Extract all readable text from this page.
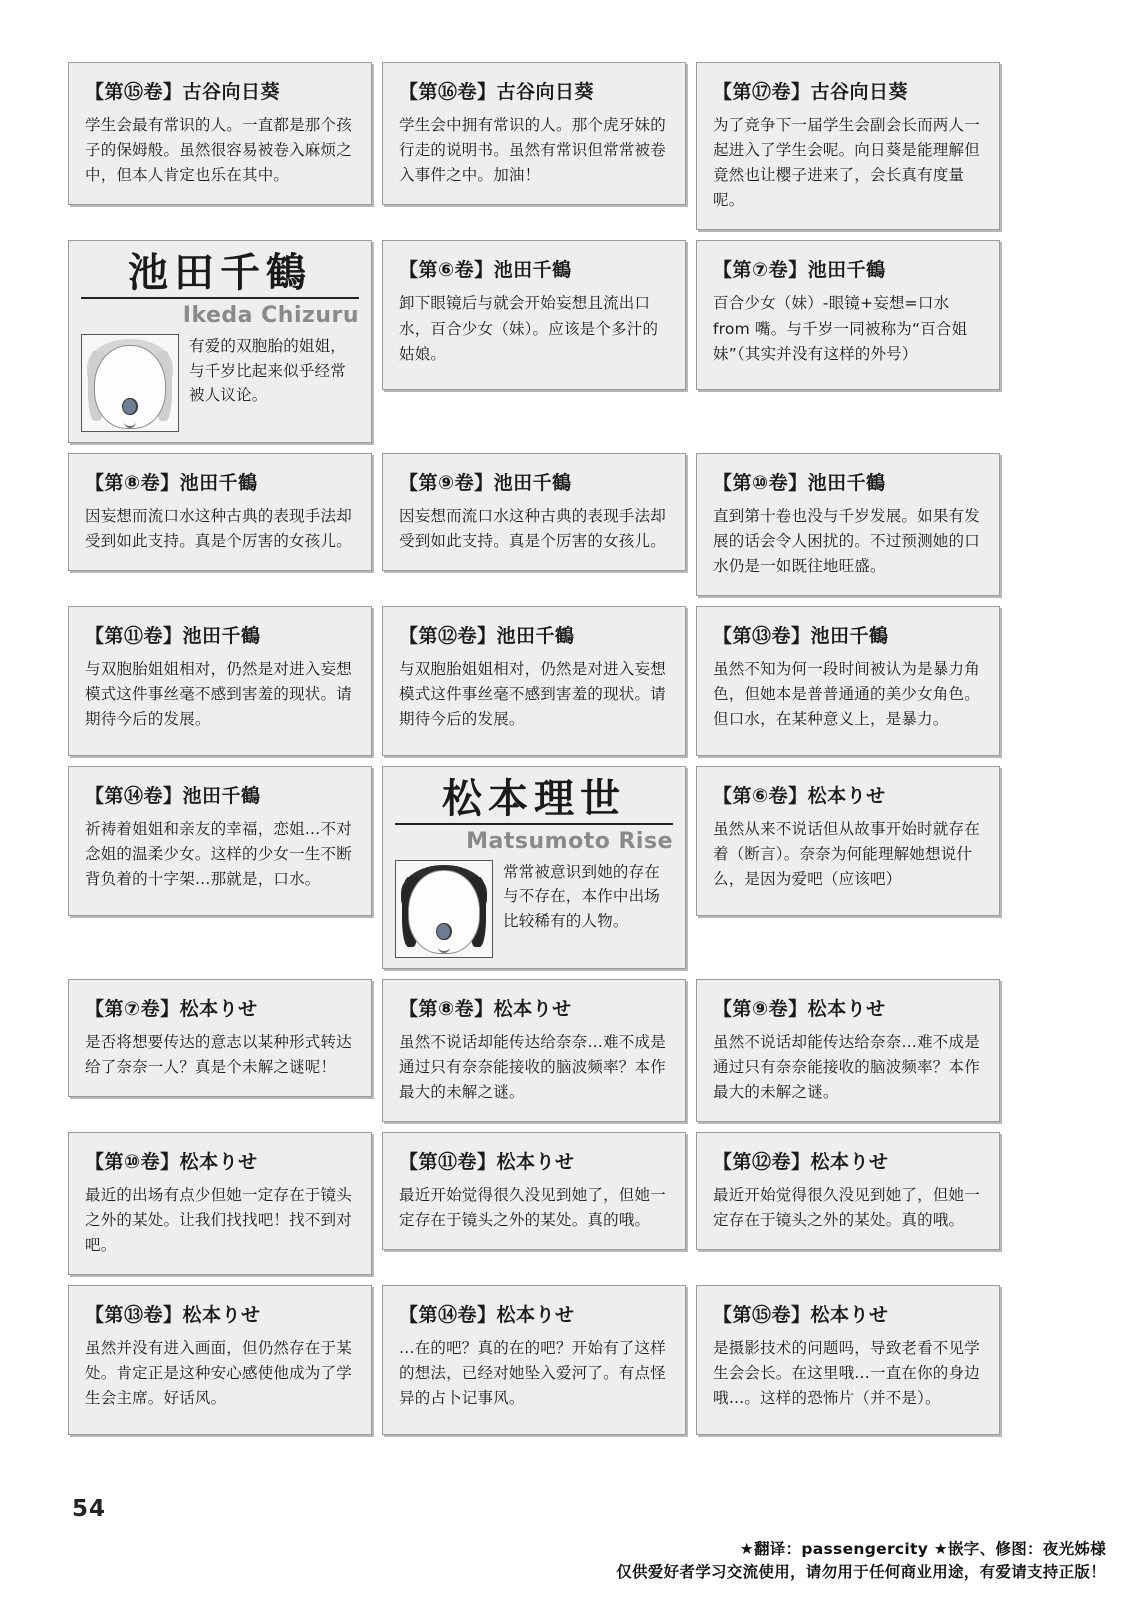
【第⑮卷】古谷向日葵
学生会最有常识的人。一直都是那个孩子的保姆般。虽然很容易被卷入麻烦之中，但本人肯定也乐在其中。
【第⑯卷】古谷向日葵
学生会中拥有常识的人。那个虎牙妹的行走的说明书。虽然有常识但常常被卷入事件之中。加油！
【第⑰卷】古谷向日葵
为了竞争下一届学生会副会长而两人一起进入了学生会呢。向日葵是能理解但竟然也让樱子进来了，会长真有度量呢。
池田千鶴
Ikeda Chizuru
有爱的双胞胎的姐姐，与千岁比起来似乎经常被人议论。
【第⑥卷】池田千鶴
卸下眼镜后与就会开始妄想且流出口水，百合少女（妹）。应该是个多汁的姑娘。
【第⑦卷】池田千鶴
百合少女（妹）-眼镜+妄想=口水 from 嘴。与千岁一同被称为“百合姐妹”（其实并没有这样的外号）
【第⑧卷】池田千鶴
因妄想而流口水这种古典的表现手法却受到如此支持。真是个厉害的女孩儿。
【第⑨卷】池田千鶴
因妄想而流口水这种古典的表现手法却受到如此支持。真是个厉害的女孩儿。
【第⑩卷】池田千鶴
直到第十卷也没与千岁发展。如果有发展的话会令人困扰的。不过预测她的口水仍是一如既往地旺盛。
【第⑪卷】池田千鶴
与双胞胎姐姐相对，仍然是对进入妄想模式这件事丝毫不感到害羞的现状。请期待今后的发展。
【第⑫卷】池田千鶴
与双胞胎姐姐相对，仍然是对进入妄想模式这件事丝毫不感到害羞的现状。请期待今后的发展。
【第⑬卷】池田千鶴
虽然不知为何一段时间被认为是暴力角色，但她本是普普通通的美少女角色。但口水，在某种意义上，是暴力。
【第⑭卷】池田千鶴
祈祷着姐姐和亲友的幸福，恋姐…不对念姐的温柔少女。这样的少女一生不断背负着的十字架…那就是，口水。
松本理世
Matsumoto Rise
常常被意识到她的存在与不存在，本作中出场比较稀有的人物。
【第⑥卷】松本りせ
虽然从来不说话但从故事开始时就存在着（断言）。奈奈为何能理解她想说什么，是因为爱吧（应该吧）
【第⑦卷】松本りせ
是否将想要传达的意志以某种形式转达给了奈奈一人？真是个未解之谜呢！
【第⑧卷】松本りせ
虽然不说话却能传达给奈奈…难不成是通过只有奈奈能接收的脑波频率？本作最大的未解之谜。
【第⑨卷】松本りせ
虽然不说话却能传达给奈奈…难不成是通过只有奈奈能接收的脑波频率？本作最大的未解之谜。
【第⑩卷】松本りせ
最近的出场有点少但她一定存在于镜头之外的某处。让我们找找吧！找不到对吧。
【第⑪卷】松本りせ
最近开始觉得很久没见到她了，但她一定存在于镜头之外的某处。真的哦。
【第⑫卷】松本りせ
最近开始觉得很久没见到她了，但她一定存在于镜头之外的某处。真的哦。
【第⑬卷】松本りせ
虽然并没有进入画面，但仍然存在于某处。肯定正是这种安心感使他成为了学生会主席。好话风。
【第⑭卷】松本りせ
…在的吧？真的在的吧？开始有了这样的想法，已经对她坠入爱河了。有点怪异的占卜记事风。
【第⑮卷】松本りせ
是摄影技术的问题吗，导致老看不见学生会会长。在这里哦…一直在你的身边哦…。这样的恐怖片（并不是）。
54
★翻译：passengercity ★嵌字、修图：夜光姊様
仅供爱好者学习交流使用，请勿用于任何商业用途，有爱请支持正版！
